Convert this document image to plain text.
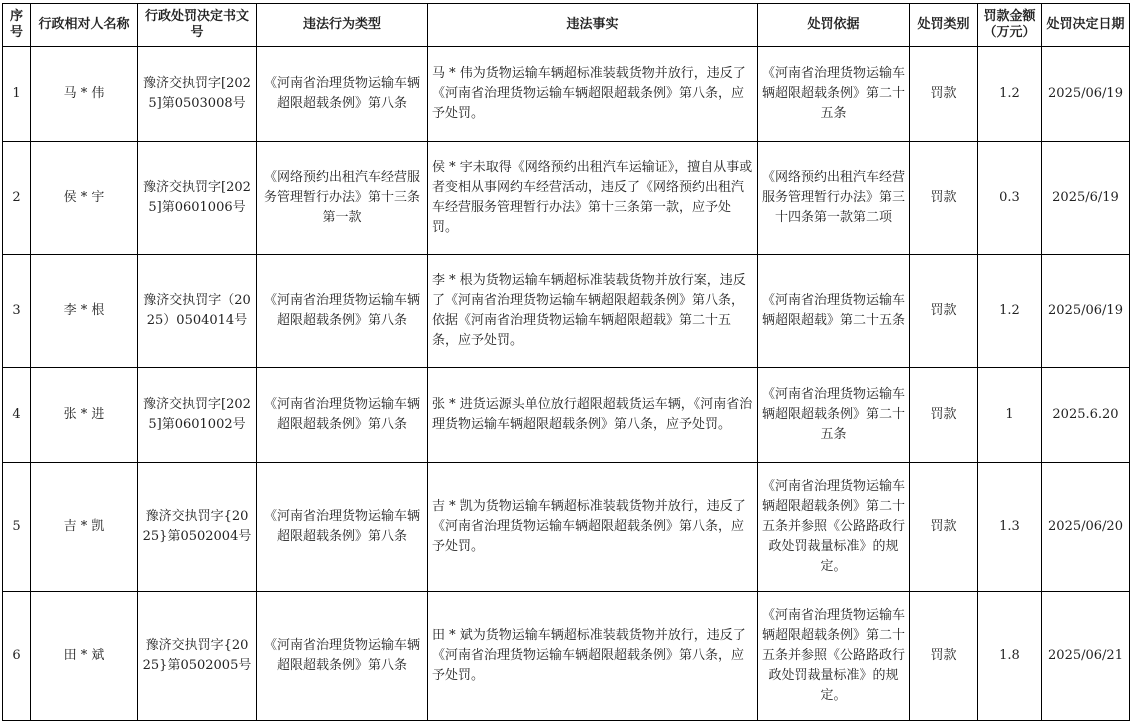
序号	行政相对人名称	行政处罚决定书文号	违法行为类型	违法事实	处罚依据	处罚类别	罚款金额（万元）	处罚决定日期
1	马 * 伟	豫济交执罚字[2025]第0503008号	《河南省治理货物运输车辆超限超载条例》第八条	马 * 伟为货物运输车辆超标准装载货物并放行，违反了《河南省治理货物运输车辆超限超载条例》第八条，应予处罚。	《河南省治理货物运输车辆超限超载条例》第二十五条	罚款	1.2	2025/06/19
2	侯 * 宇	豫济交执罚字[2025]第0601006号	《网络预约出租汽车经营服务管理暂行办法》第十三条第一款	侯 * 宇未取得《网络预约出租汽车运输证》，擅自从事或者变相从事网约车经营活动，违反了《网络预约出租汽车经营服务管理暂行办法》第十三条第一款，应予处罚。	《网络预约出租汽车经营服务管理暂行办法》第三十四条第一款第二项	罚款	0.3	2025/6/19
3	李 * 根	豫济交执罚字（2025）0504014号	《河南省治理货物运输车辆超限超载条例》第八条	李 * 根为货物运输车辆超标准装载货物并放行案，违反了《河南省治理货物运输车辆超限超载条例》第八条，依据《河南省治理货物运输车辆超限超载》第二十五条，应予处罚。	《河南省治理货物运输车辆超限超载》第二十五条	罚款	1.2	2025/06/19
4	张 * 进	豫济交执罚字[2025]第0601002号	《河南省治理货物运输车辆超限超载条例》第八条	张 * 进货运源头单位放行超限超载货运车辆，《河南省治理货物运输车辆超限超载条例》第八条，应予处罚。	《河南省治理货物运输车辆超限超载条例》第二十五条	罚款	1	2025.6.20
5	吉 * 凯	豫济交执罚字{2025}第0502004号	《河南省治理货物运输车辆超限超载条例》第八条	吉 * 凯为货物运输车辆超标准装载货物并放行，违反了《河南省治理货物运输车辆超限超载条例》第八条，应予处罚。	《河南省治理货物运输车辆超限超载条例》第二十五条并参照《公路路政行政处罚裁量标准》的规定。	罚款	1.3	2025/06/20
6	田 * 斌	豫济交执罚字{2025}第0502005号	《河南省治理货物运输车辆超限超载条例》第八条	田 * 斌为货物运输车辆超标准装载货物并放行，违反了《河南省治理货物运输车辆超限超载条例》第八条，应予处罚。	《河南省治理货物运输车辆超限超载条例》第二十五条并参照《公路路政行政处罚裁量标准》的规定。	罚款	1.8	2025/06/21
